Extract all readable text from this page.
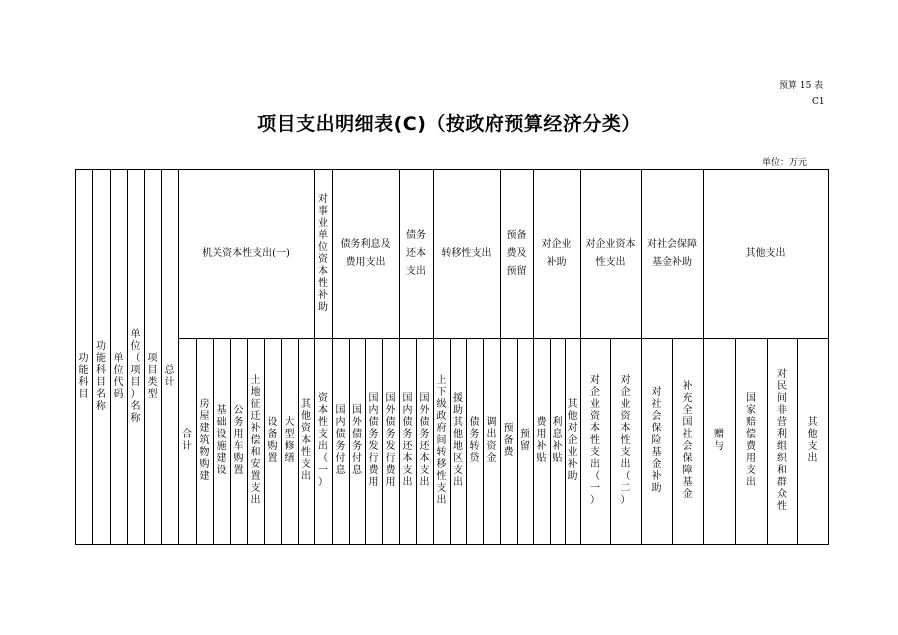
预算 15 表
C1
项目支出明细表(C)（按政府预算经济分类）
单位：万元
功
能
科
目
功
能
科
目
名
称
单
位
代
码
单
位
（
项
目
）
名
称
项
目
类
型
总
计
机关资本性支出(一)
对
事
业
单
位
资
本
性
补
助
债务利息及费用支出
债务还本支出
转移性支出
预备费及预留
对企业补助
对企业资本性支出
对社会保障基金补助
其他支出
合
计
房
屋
建
筑
物
购
建
基
础
设
施
建
设
公
务
用
车
购
置
土
地
征
迁
补
偿
和
安
置
支
出
设
备
购
置
大
型
修
缮
其
他
资
本
性
支
出
资
本
性
支
出
（
一
）
国
内
债
务
付
息
国
外
债
务
付
息
国
内
债
务
发
行
费
用
国
外
债
务
发
行
费
用
国
内
债
务
还
本
支
出
国
外
债
务
还
本
支
出
上
下
级
政
府
间
转
移
性
支
出
援
助
其
他
地
区
支
出
债
务
转
贷
调
出
资
金
预
备
费
预
留
费
用
补
贴
利
息
补
贴
其
他
对
企
业
补
助
对
企
业
资
本
性
支
出
（
一
）
对
企
业
资
本
性
支
出
（
二
）
对
社
会
保
险
基
金
补
助
补
充
全
国
社
会
保
障
基
金
赠
与
国
家
赔
偿
费
用
支
出
对
民
间
非
营
利
组
织
和
群
众
性
其
他
支
出
